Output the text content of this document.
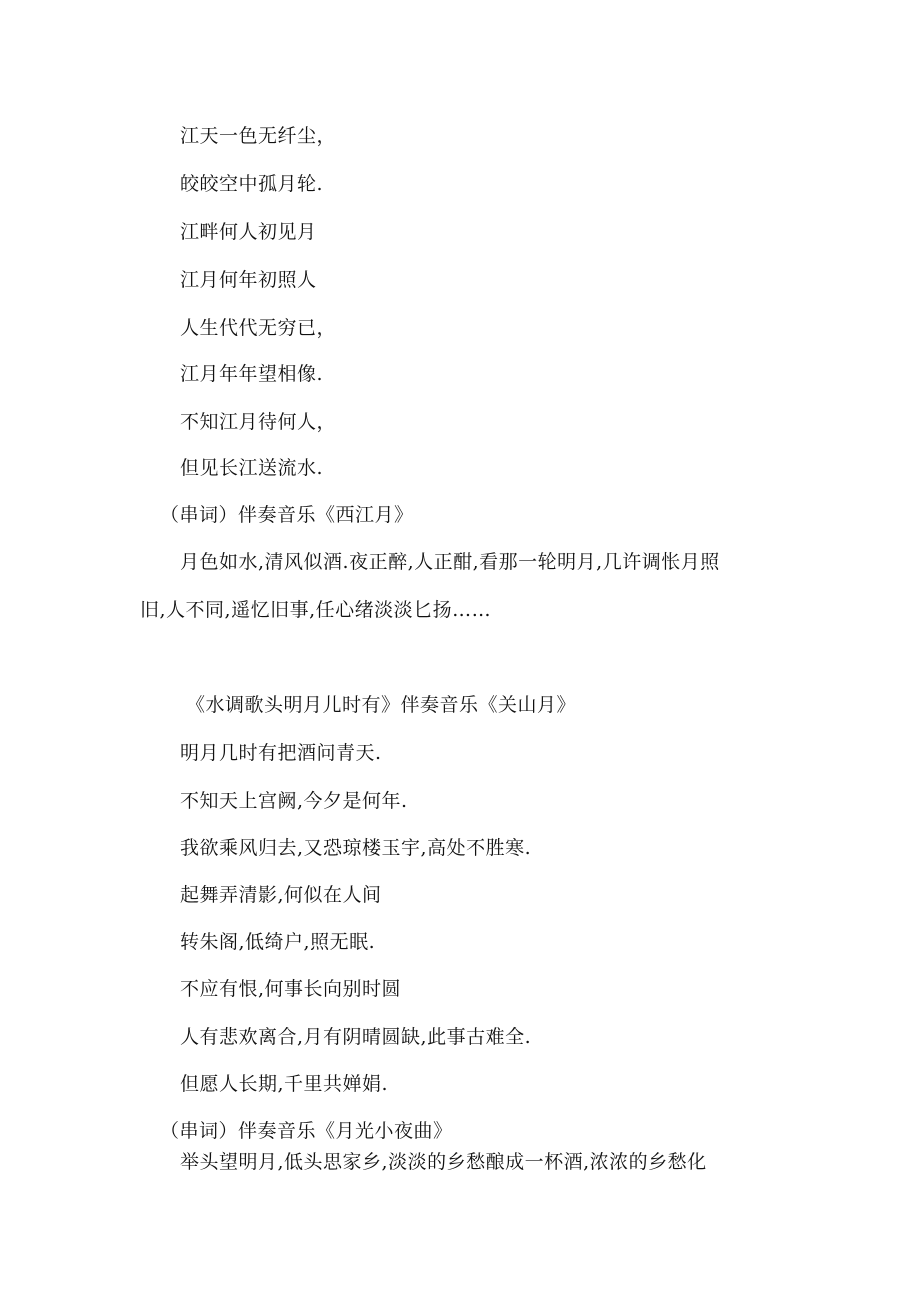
江天一色无纤尘，
皎皎空中孤月轮.
江畔何人初见月
江月何年初照人
人生代代无穷已，
江月年年望相像.
不知江月待何人，
但见长江送流水.
（串词）伴奏音乐《西江月》
月色如水,清风似酒.夜正醉,人正酣,看那一轮明月,几许调怅月照
旧,人不同,遥忆旧事,任心绪淡淡匕扬……
《水调歌头明月儿时有》伴奏音乐《关山月》
明月几时有把酒问青天.
不知天上宫阙,今夕是何年.
我欲乘风归去,又恐琼楼玉宇,高处不胜寒.
起舞弄清影,何似在人间
转朱阁,低绮户,照无眠.
不应有恨,何事长向别时圆
人有悲欢离合,月有阴晴圆缺,此事古难全.
但愿人长期,千里共婵娟.
（串词）伴奏音乐《月光小夜曲》
举头望明月,低头思家乡,淡淡的乡愁酿成一杯酒,浓浓的乡愁化
